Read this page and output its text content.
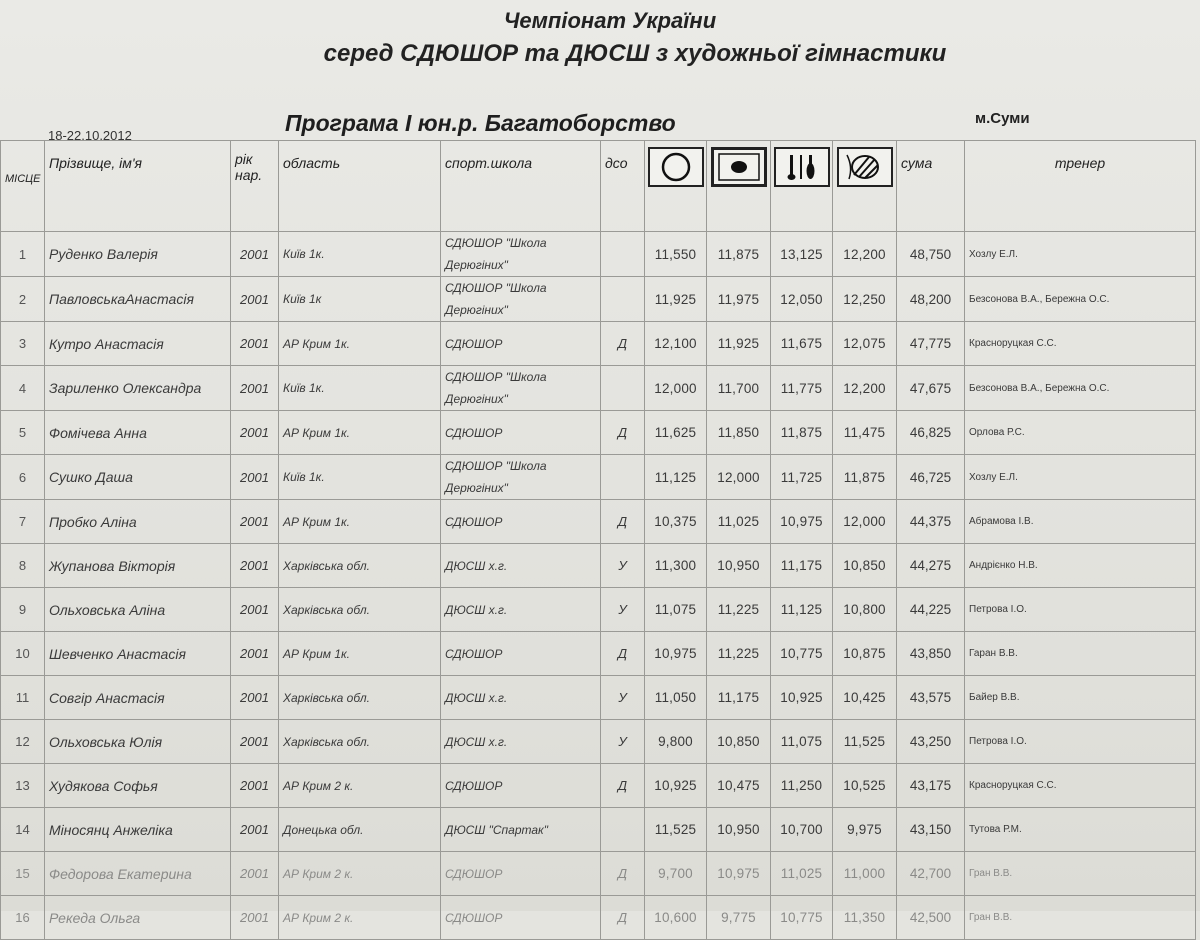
Чемпіонат України
серед СДЮШОР та ДЮСШ з художньої гімнастики
18-22.10.2012	Програма І юн.р. Багатоборство	м.Суми
МІСЦЕ	Прізвище, ім'я	рік нар.	область	спорт.школа	дсо					сума	тренер
1	Руденко Валерія	2001	Київ 1к.	СДЮШОР "Школа Дерюгіних"		11,550	11,875	13,125	12,200	48,750	Хозлу Е.Л.
2	ПавловськаАнастасія	2001	Київ 1к	СДЮШОР "Школа Дерюгіних"		11,925	11,975	12,050	12,250	48,200	Безсонова В.А., Бережна О.С.
3	Кутро Анастасія	2001	АР Крим 1к.	СДЮШОР	Д	12,100	11,925	11,675	12,075	47,775	Красноруцкая С.С.
4	Зариленко Олександра	2001	Київ 1к.	СДЮШОР "Школа Дерюгіних"		12,000	11,700	11,775	12,200	47,675	Безсонова В.А., Бережна О.С.
5	Фомічева Анна	2001	АР Крим 1к.	СДЮШОР	Д	11,625	11,850	11,875	11,475	46,825	Орлова Р.С.
6	Сушко Даша	2001	Київ 1к.	СДЮШОР "Школа Дерюгіних"		11,125	12,000	11,725	11,875	46,725	Хозлу Е.Л.
7	Пробко Аліна	2001	АР Крим 1к.	СДЮШОР	Д	10,375	11,025	10,975	12,000	44,375	Абрамова І.В.
8	Жупанова Вікторія	2001	Харківська обл.	ДЮСШ х.г.	У	11,300	10,950	11,175	10,850	44,275	Андрієнко Н.В.
9	Ольховська Аліна	2001	Харківська обл.	ДЮСШ х.г.	У	11,075	11,225	11,125	10,800	44,225	Петрова І.О.
10	Шевченко Анастасія	2001	АР Крим 1к.	СДЮШОР	Д	10,975	11,225	10,775	10,875	43,850	Гаран В.В.
11	Совгір Анастасія	2001	Харківська обл.	ДЮСШ х.г.	У	11,050	11,175	10,925	10,425	43,575	Байер В.В.
12	Ольховська Юлія	2001	Харківська обл.	ДЮСШ х.г.	У	9,800	10,850	11,075	11,525	43,250	Петрова І.О.
13	Худякова Софья	2001	АР Крим 2 к.	СДЮШОР	Д	10,925	10,475	11,250	10,525	43,175	Красноруцкая С.С.
14	Міносянц Анжеліка	2001	Донецька обл.	ДЮСШ "Спартак"		11,525	10,950	10,700	9,975	43,150	Тутова Р.М.
15	Федорова Екатерина	2001	АР Крим 2 к.	СДЮШОР	Д	9,700	10,975	11,025	11,000	42,700	Гран В.В.
16	Рекеда Ольга	2001	АР Крим 2 к.	СДЮШОР	Д	10,600	9,775	10,775	11,350	42,500	Гран В.В.
